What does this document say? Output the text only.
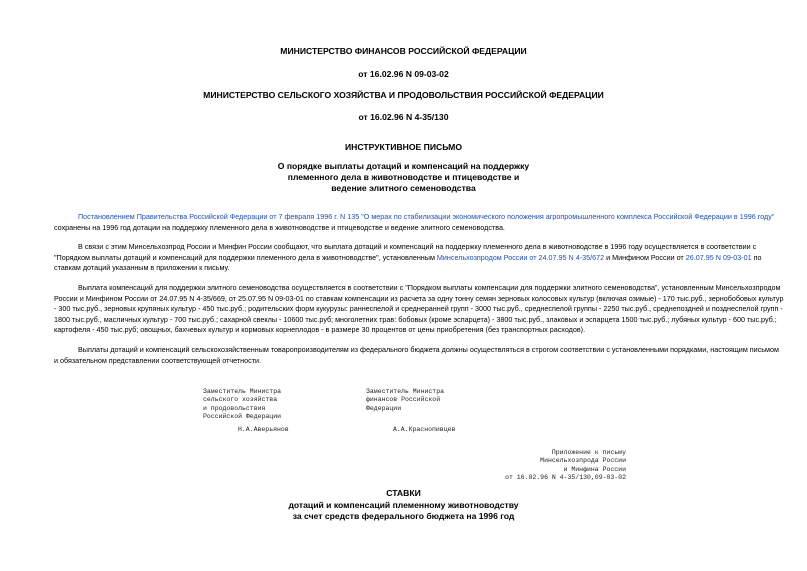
МИНИСТЕРСТВО ФИНАНСОВ РОССИЙСКОЙ ФЕДЕРАЦИИ
от 16.02.96 N 09-03-02
МИНИСТЕРСТВО СЕЛЬСКОГО ХОЗЯЙСТВА И ПРОДОВОЛЬСТВИЯ РОССИЙСКОЙ ФЕДЕРАЦИИ
от 16.02.96 N 4-35/130
ИНСТРУКТИВНОЕ ПИСЬМО
О порядке выплаты дотаций и компенсаций на поддержку
племенного дела в животноводстве и птицеводстве и
ведение элитного семеноводства
Постановлением Правительства Российской Федерации от 7 февраля 1996 г. N 135 "О мерах по стабилизации экономического положения агропромышленного комплекса Российской Федерации в 1996 году" сохранены на 1996 год дотации на поддержку племенного дела в животноводстве и птицеводстве и ведение элитного семеноводства.
В связи с этим Минсельхозпрод России и Минфин России сообщают, что выплата дотаций и компенсаций на поддержку племенного дела в животноводстве в 1996 году осуществляется в соответствии с "Порядком выплаты дотаций и компенсаций для поддержки племенного дела в животноводстве", установленным Минсельхозпродом России от 24.07.95 N 4-35/672 и Минфином России от 26.07.95 N 09-03-01 по ставкам дотаций указанным в приложении к письму.
Выплата компенсаций для поддержки элитного семеноводства осуществляется в соответствии с "Порядком выплаты компенсации для поддержки элитного семеноводства", установленным Минсельхозпродом России и Минфином России от 24.07.95 N 4-35/669, от 25.07.95 N 09-03-01 по ставкам компенсации из расчета за одну тонну семян зерновых колосовых культур (включая озимые) - 170 тыс.руб., зернобобовых культур - 300 тыс.руб., зерновых крупяных культур - 450 тыс.руб.; родительских форм кукурузы: раннеспелой и среднеранней групп - 3000 тыс.руб., среднеспелой группы - 2250 тыс.руб., среднепоздней и позднеспелой групп - 1800 тыс.руб., масличных культур - 700 тыс.руб.; сахарной свеклы - 10600 тыс.руб; многолетних трав: бобовых (кроме эспарцета) - 3800 тыс.руб., злаковых и эспарцета 1500 тыс.руб.; лубяных культур - 600 тыс.руб.; картофеля - 450 тыс.руб; овощных, бахчевых культур и кормовых корнеплодов - в размере 30 процентов от цены приобретения (без транспортных расходов).
Выплаты дотаций и компенсаций сельскохозяйственным товаропроизводителям из федерального бюджета должны осуществляться в строгом соответствии с установленными порядками, настоящим письмом и обязательном представлении соответствующей отчетности.
Заместитель Министра
сельского хозяйства
и продовольствия
Российской Федерации
Заместитель Министра
финансов Российской
Федерации
Н.А.Аверьянов	А.А.Краснопивцев
Приложение к письму
Минсельхозпрода России
и Минфина России
от 16.02.96 N 4-35/130,09-03-02
СТАВКИ
дотаций и компенсаций племенному животноводству
за счет средств федерального бюджета на 1996 год
